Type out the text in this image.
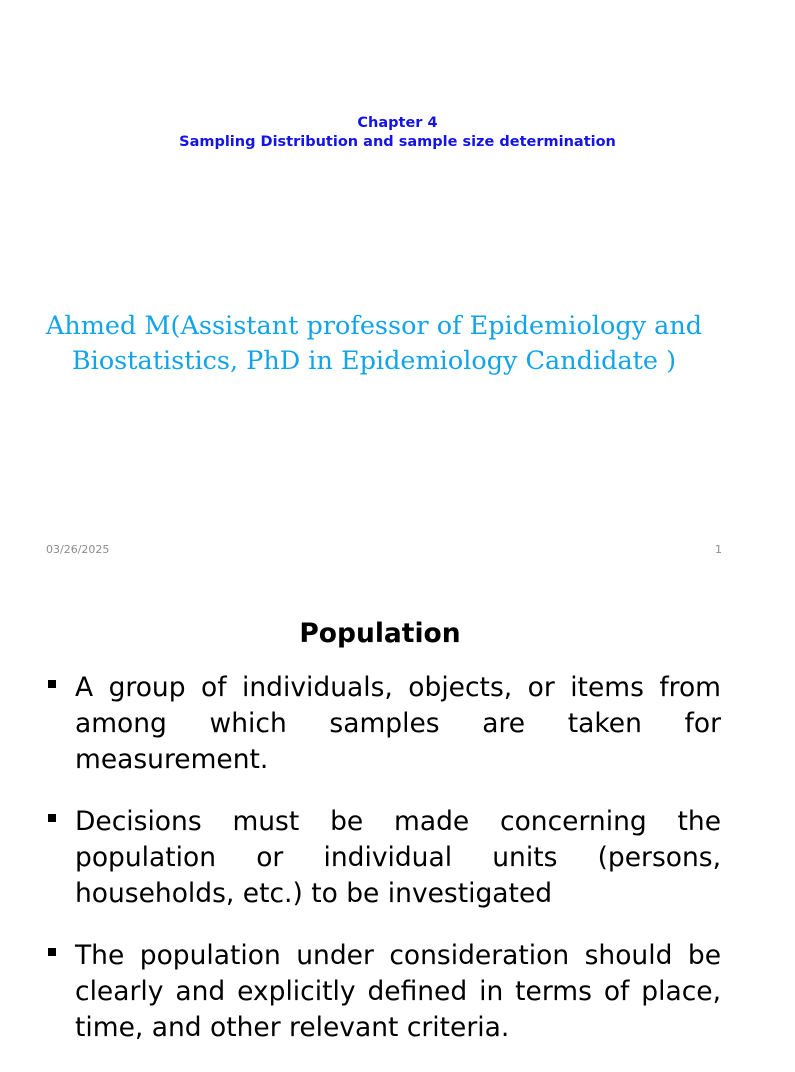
Chapter 4
Sampling Distribution and sample size determination
Ahmed M(Assistant professor of Epidemiology and Biostatistics, PhD in Epidemiology Candidate )
03/26/2025	1
Population
A group of individuals, objects, or items from among which samples are taken for measurement.
Decisions must be made concerning the population or individual units (persons, households, etc.) to be investigated
The population under consideration should be clearly and explicitly defined in terms of place, time, and other relevant criteria.
